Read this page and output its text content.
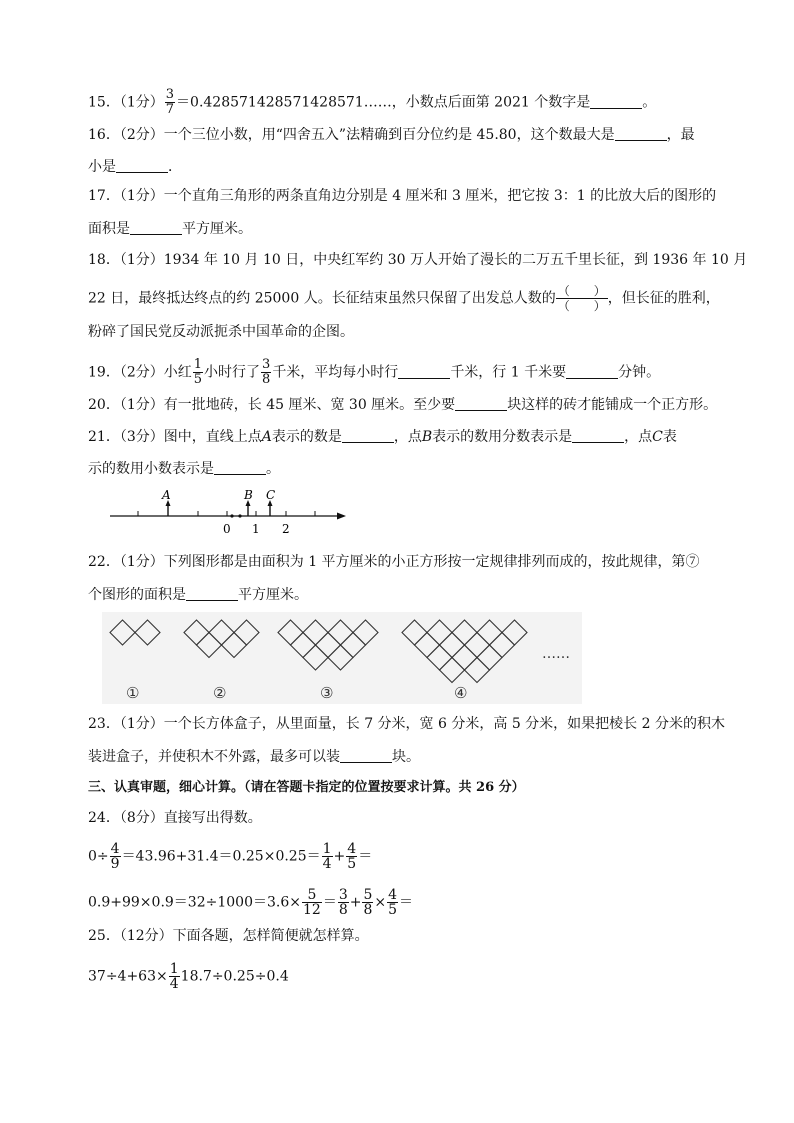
15．（1分） $\frac{3}{7}$ ＝0.428571428571428571……，小数点后面第 2021 个数字是	。
16．（2分）一个三位小数，用“四舍五入”法精确到百分位约是 45.80，这个数最大是	，最
小是	．
17．（1分）一个直角三角形的两条直角边分别是 4 厘米和 3 厘米，把它按 3：1 的比放大后的图形的
面积是	平方厘米。
18．（1分）1934 年 10 月 10 日，中央红军约 30 万人开始了漫长的二万五千里长征，到 1936 年 10 月
22 日，最终抵达终点的约 25000 人。长征结束虽然只保留了出发总人数的 （　　）
（　　） ，但长征的胜利，
粉碎了国民党反动派扼杀中国革命的企图。
19．（2分）小红 $\frac{1}{5}$ 小时行了 $\frac{3}{8}$ 千米，平均每小时行	千米，行 1 千米要	分钟。
20．（1分）有一批地砖，长 45 厘米、宽 30 厘米。至少要	块这样的砖才能铺成一个正方形。
21．（3分）图中，直线上点A表示的数是	，点B表示的数用分数表示是	，点C表
示的数用小数表示是	。
A	B C
0 1 2
22．（1分）下列图形都是由面积为 1 平方厘米的小正方形按一定规律排列而成的，按此规律，第⑦
个图形的面积是	平方厘米。
①	②	③	④
……
23．（1分）一个长方体盒子，从里面量，长 7 分米，宽 6 分米，高 5 分米，如果把棱长 2 分米的积木
装进盒子，并使积木不外露，最多可以装	块。
三、认真审题，细心计算。（请在答题卡指定的位置按要求计算。共 26 分）
24．（8分）直接写出得数。
$0\div \frac{4}{9} =43.96+31.4=0.25\times 0.25= \frac{1}{4} + \frac{4}{5}$ ＝
$0.9+99\times 0.9=32\div 1000=3.6\times \frac{5}{12} = \frac{3}{8} + \frac{5}{8} \times \frac{4}{5}$ ＝
25．（12分）下面各题，怎样简便就怎样算。
$37\div 4+63\times \frac{1}{4} 18.7\div 0.25\div 0.4$
